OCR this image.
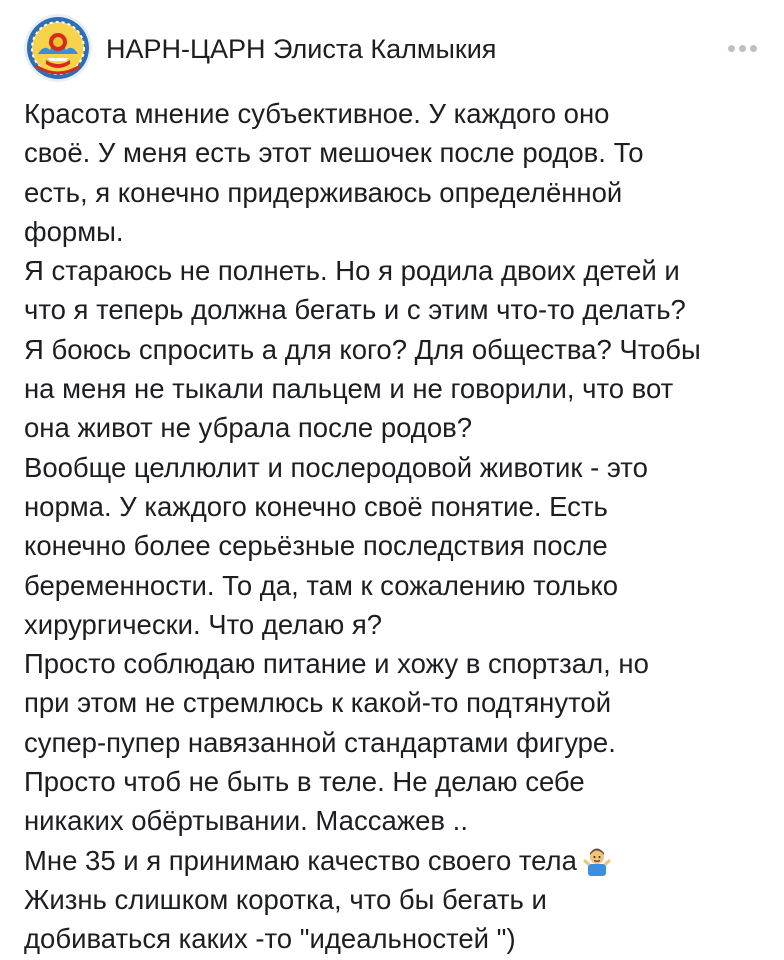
НАРН-ЦАРН Элиста Калмыкия
Красота мнение субъективное. У каждого оно
своё. У меня есть этот мешочек после родов. То
есть, я конечно придерживаюсь определённой
формы.
Я стараюсь не полнеть. Но я родила двоих детей и
что я теперь должна бегать и с этим что-то делать?
Я боюсь спросить а для кого? Для общества? Чтобы
на меня не тыкали пальцем и не говорили, что вот
она живот не убрала после родов?
Вообще целлюлит и послеродовой животик - это
норма. У каждого конечно своё понятие. Есть
конечно более серьёзные последствия после
беременности. То да, там к сожалению только
хирургически. Что делаю я?
Просто соблюдаю питание и хожу в спортзал, но
при этом не стремлюсь к какой-то подтянутой
супер-пупер навязанной стандартами фигуре.
Просто чтоб не быть в теле. Не делаю себе
никаких обёртывании. Массажев ..
Мне 35 и я принимаю качество своего тела
Жизнь слишком коротка, что бы бегать и
добиваться каких -то "идеальностей ")
